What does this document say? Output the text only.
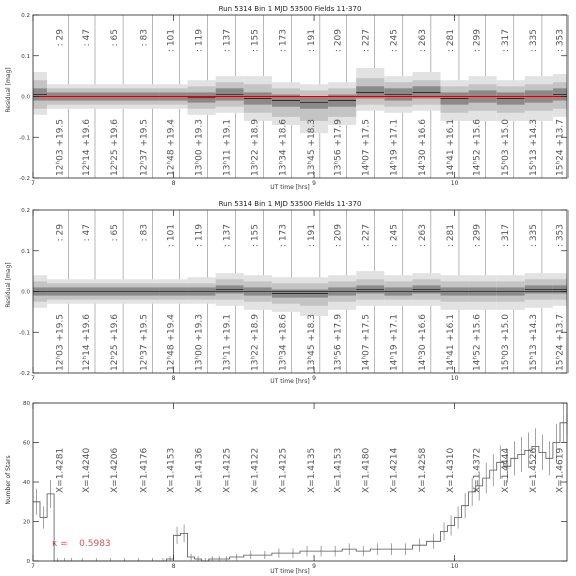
Run 5314 Bin 1 MJD 53500 Fields 11-370
Residual [mag]
UT time [hrs]
7	8	9	10
-0.2
-0.1
0.0
0.1
0.2
: 29
12ʰ03 +19.5
: 47
12ʰ14 +19.6
: 65
12ʰ25 +19.6
: 83
12ʰ37 +19.5
: 101
12ʰ48 +19.4
: 119
13ʰ00 +19.3
: 137
13ʰ11 +19.1
: 155
13ʰ22 +18.9
: 173
13ʰ34 +18.6
: 191
13ʰ45 +18.3
: 209
13ʰ56 +17.9
: 227
14ʰ07 +17.5
: 245
14ʰ19 +17.1
: 263
14ʰ30 +16.6
: 281
14ʰ41 +16.1
: 299
14ʰ52 +15.6
: 317
15ʰ03 +15.0
: 335
15ʰ13 +14.3
: 353
15ʰ24 +13.7
Run 5314 Bin 1 MJD 53500 Fields 11-370
Residual [mag]
UT time [hrs]
7	8	9	10
-0.2
-0.1
0.0
0.1
0.2
: 29
12ʰ03 +19.5
: 47
12ʰ14 +19.6
: 65
12ʰ25 +19.6
: 83
12ʰ37 +19.5
: 101
12ʰ48 +19.4
: 119
13ʰ00 +19.3
: 137
13ʰ11 +19.1
: 155
13ʰ22 +18.9
: 173
13ʰ34 +18.6
: 191
13ʰ45 +18.3
: 209
13ʰ56 +17.9
: 227
14ʰ07 +17.5
: 245
14ʰ19 +17.1
: 263
14ʰ30 +16.6
: 281
14ʰ41 +16.1
: 299
14ʰ52 +15.6
: 317
15ʰ03 +15.0
: 335
15ʰ13 +14.3
: 353
15ʰ24 +13.7
Number of Stars
UT time [hrs]
κ =    0.5983
7	8	9	10
0
20
40
60
80
X=1.4281 X=1.4240 X=1.4206 X=1.4176 X=1.4153 X=1.4136 X=1.4125 X=1.4122 X=1.4125 X=1.4135 X=1.4153 X=1.4180 X=1.4214 X=1.4258 X=1.4310 X=1.4372 X=1.4444 X=1.4526 X=1.4619
